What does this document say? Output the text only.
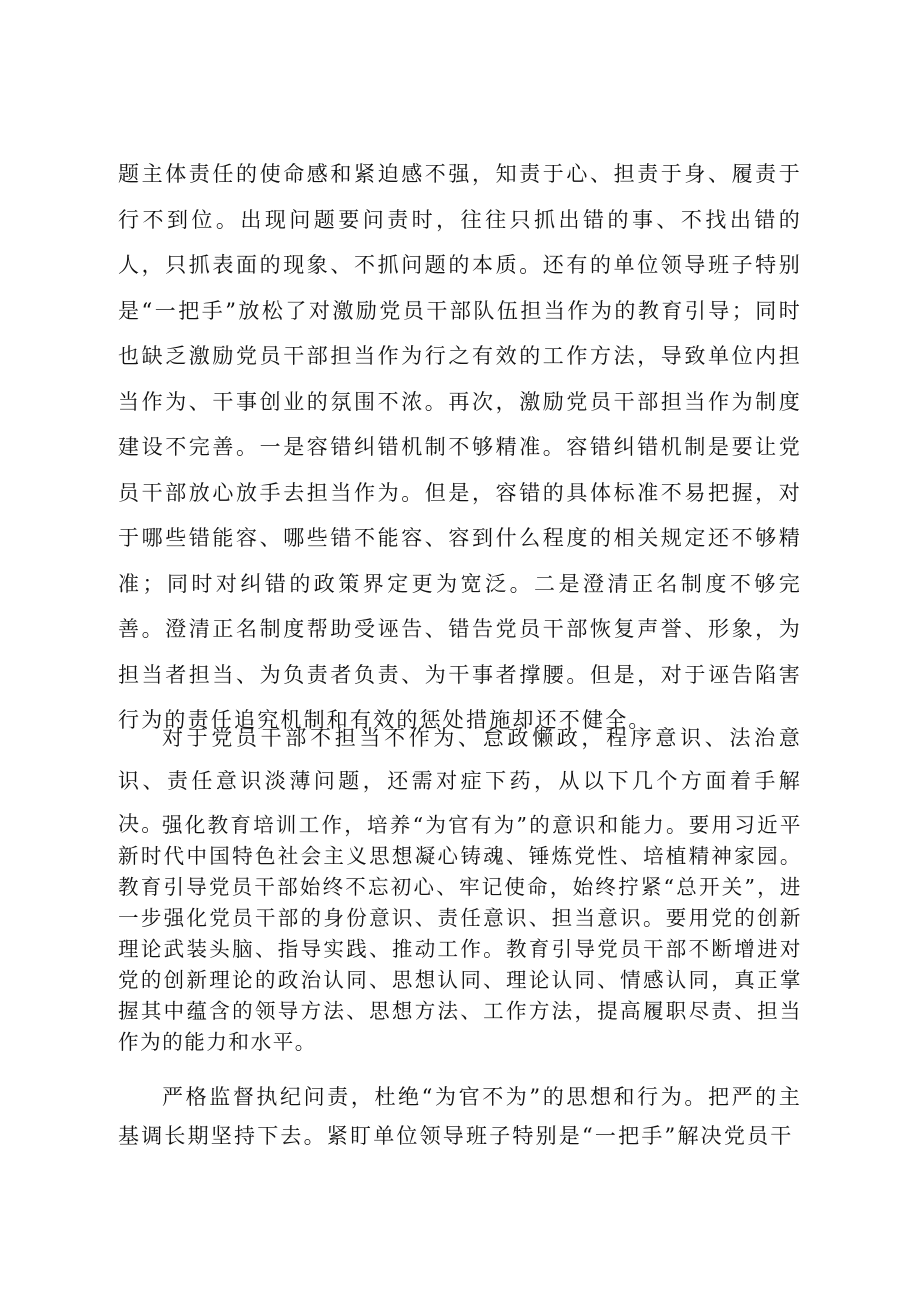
题主体责任的使命感和紧迫感不强，知责于心、担责于身、履责于行不到位。出现问题要问责时，往往只抓出错的事、不找出错的人，只抓表面的现象、不抓问题的本质。还有的单位领导班子特别是“一把手”放松了对激励党员干部队伍担当作为的教育引导；同时也缺乏激励党员干部担当作为行之有效的工作方法，导致单位内担当作为、干事创业的氛围不浓。再次，激励党员干部担当作为制度建设不完善。一是容错纠错机制不够精准。容错纠错机制是要让党员干部放心放手去担当作为。但是，容错的具体标准不易把握，对于哪些错能容、哪些错不能容、容到什么程度的相关规定还不够精准；同时对纠错的政策界定更为宽泛。二是澄清正名制度不够完善。澄清正名制度帮助受诬告、错告党员干部恢复声誉、形象，为担当者担当、为负责者负责、为干事者撑腰。但是，对于诬告陷害行为的责任追究机制和有效的惩处措施却还不健全。

对于党员干部不担当不作为、怠政懒政，程序意识、法治意识、责任意识淡薄问题，还需对症下药，从以下几个方面着手解决。

强化教育培训工作，培养“为官有为”的意识和能力。要用习近平新时代中国特色社会主义思想凝心铸魂、锤炼党性、培植精神家园。教育引导党员干部始终不忘初心、牢记使命，始终拧紧“总开关”，进一步强化党员干部的身份意识、责任意识、担当意识。要用党的创新理论武装头脑、指导实践、推动工作。教育引导党员干部不断增进对党的创新理论的政治认同、思想认同、理论认同、情感认同，真正掌握其中蕴含的领导方法、思想方法、工作方法，提高履职尽责、担当作为的能力和水平。

严格监督执纪问责，杜绝“为官不为”的思想和行为。把严的主基调长期坚持下去。紧盯单位领导班子特别是“一把手”解决党员干
